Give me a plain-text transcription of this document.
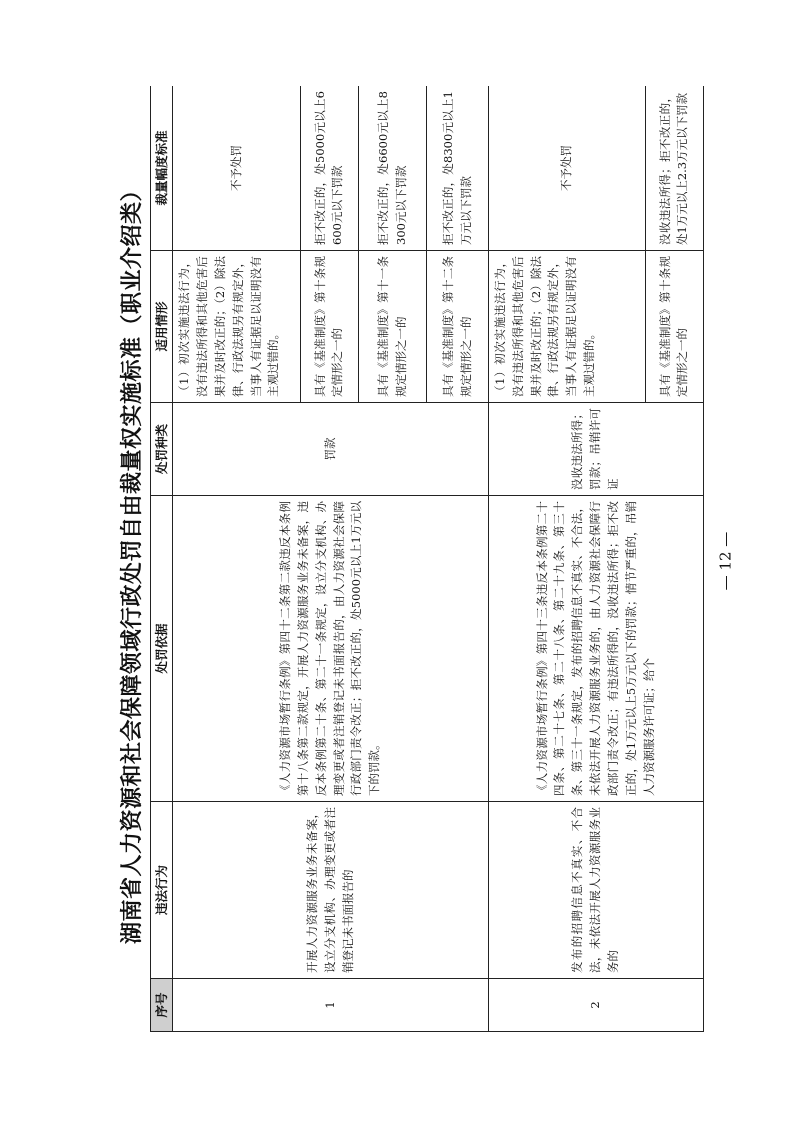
湖南省人力资源和社会保障领域行政处罚自由裁量权实施标准（职业介绍类）
序号	违法行为	处罚依据	处罚种类	适用情形	裁量幅度标准
1	开展人力资源服务业务未备案，设立分支机构、办理变更或者注销登记未书面报告的	《人力资源市场暂行条例》第四十二条第二款违反本条例第十八条第二款规定，开展人力资源服务业务未备案，违反本条例第二十条、第二十一条规定，设立分支机构、办理变更或者注销登记未书面报告的，由人力资源社会保障行政部门责令改正；拒不改正的，处5000元以上1万元以下的罚款。	罚款	（1）初次实施违法行为，没有违法所得和其他危害后果并及时改正的；（2）除法律、行政法规另有规定外，当事人有证据足以证明没有主观过错的。	不予处罚
				具有《基准制度》第十条规定情形之一的	拒不改正的，处5000元以上6600元以下罚款
				具有《基准制度》第十一条规定情形之一的	拒不改正的，处6600元以上8300元以下罚款
				具有《基准制度》第十二条规定情形之一的	拒不改正的，处8300元以上1万元以下罚款
2	发布的招聘信息不真实、不合法，未依法开展人力资源服务业务的	《人力资源市场暂行条例》第四十三条违反本条例第二十四条、第二十七条、第二十八条、第二十九条、第三十条、第三十一条规定，发布的招聘信息不真实、不合法，未依法开展人力资源服务业务的，由人力资源社会保障行政部门责令改正；有违法所得的，没收违法所得；拒不改正的，处1万元以上5万元以下的罚款；情节严重的，吊销人力资源服务许可证；给个	没收违法所得；罚款；吊销许可证	（1）初次实施违法行为，没有违法所得和其他危害后果并及时改正的；（2）除法律、行政法规另有规定外，当事人有证据足以证明没有主观过错的。	不予处罚
				具有《基准制度》第十条规定情形之一的	没收违法所得；拒不改正的，处1万元以上2.3万元以下罚款
— 12 —
